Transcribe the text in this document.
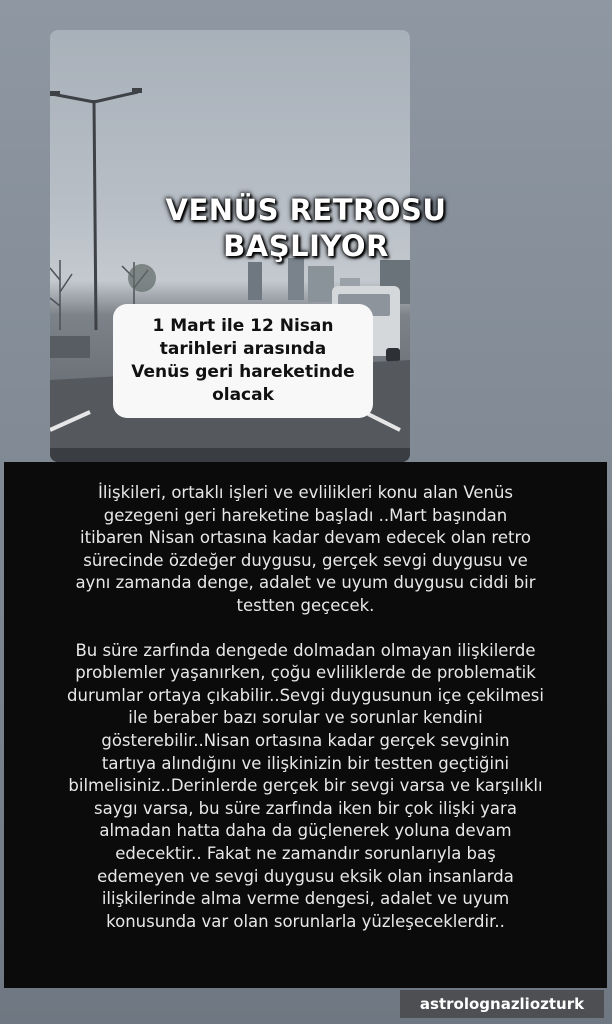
VENÜS RETROSU
BAŞLIYOR
1 Mart ile 12 Nisan
tarihleri arasında
Venüs geri hareketinde
olacak

İlişkileri, ortaklı işleri ve evlilikleri konu alan Venüs
gezegeni geri hareketine başladı ..Mart başından
itibaren Nisan ortasına kadar devam edecek olan retro
sürecinde özdeğer duygusu, gerçek sevgi duygusu ve
aynı zamanda denge, adalet ve uyum duygusu ciddi bir
testten geçecek.

Bu süre zarfında dengede dolmadan olmayan ilişkilerde
problemler yaşanırken, çoğu evliliklerde de problematik
durumlar ortaya çıkabilir..Sevgi duygusunun içe çekilmesi
ile beraber bazı sorular ve sorunlar kendini
gösterebilir..Nisan ortasına kadar gerçek sevginin
tartıya alındığını ve ilişkinizin bir testten geçtiğini
bilmelisiniz..Derinlerde gerçek bir sevgi varsa ve karşılıklı
saygı varsa, bu süre zarfında iken bir çok ilişki yara
almadan hatta daha da güçlenerek yoluna devam
edecektir.. Fakat ne zamandır sorunlarıyla baş
edemeyen ve sevgi duygusu eksik olan insanlarda
ilişkilerinde alma verme dengesi, adalet ve uyum
konusunda var olan sorunlarla yüzleşeceklerdir..

astrolognazliozturk
